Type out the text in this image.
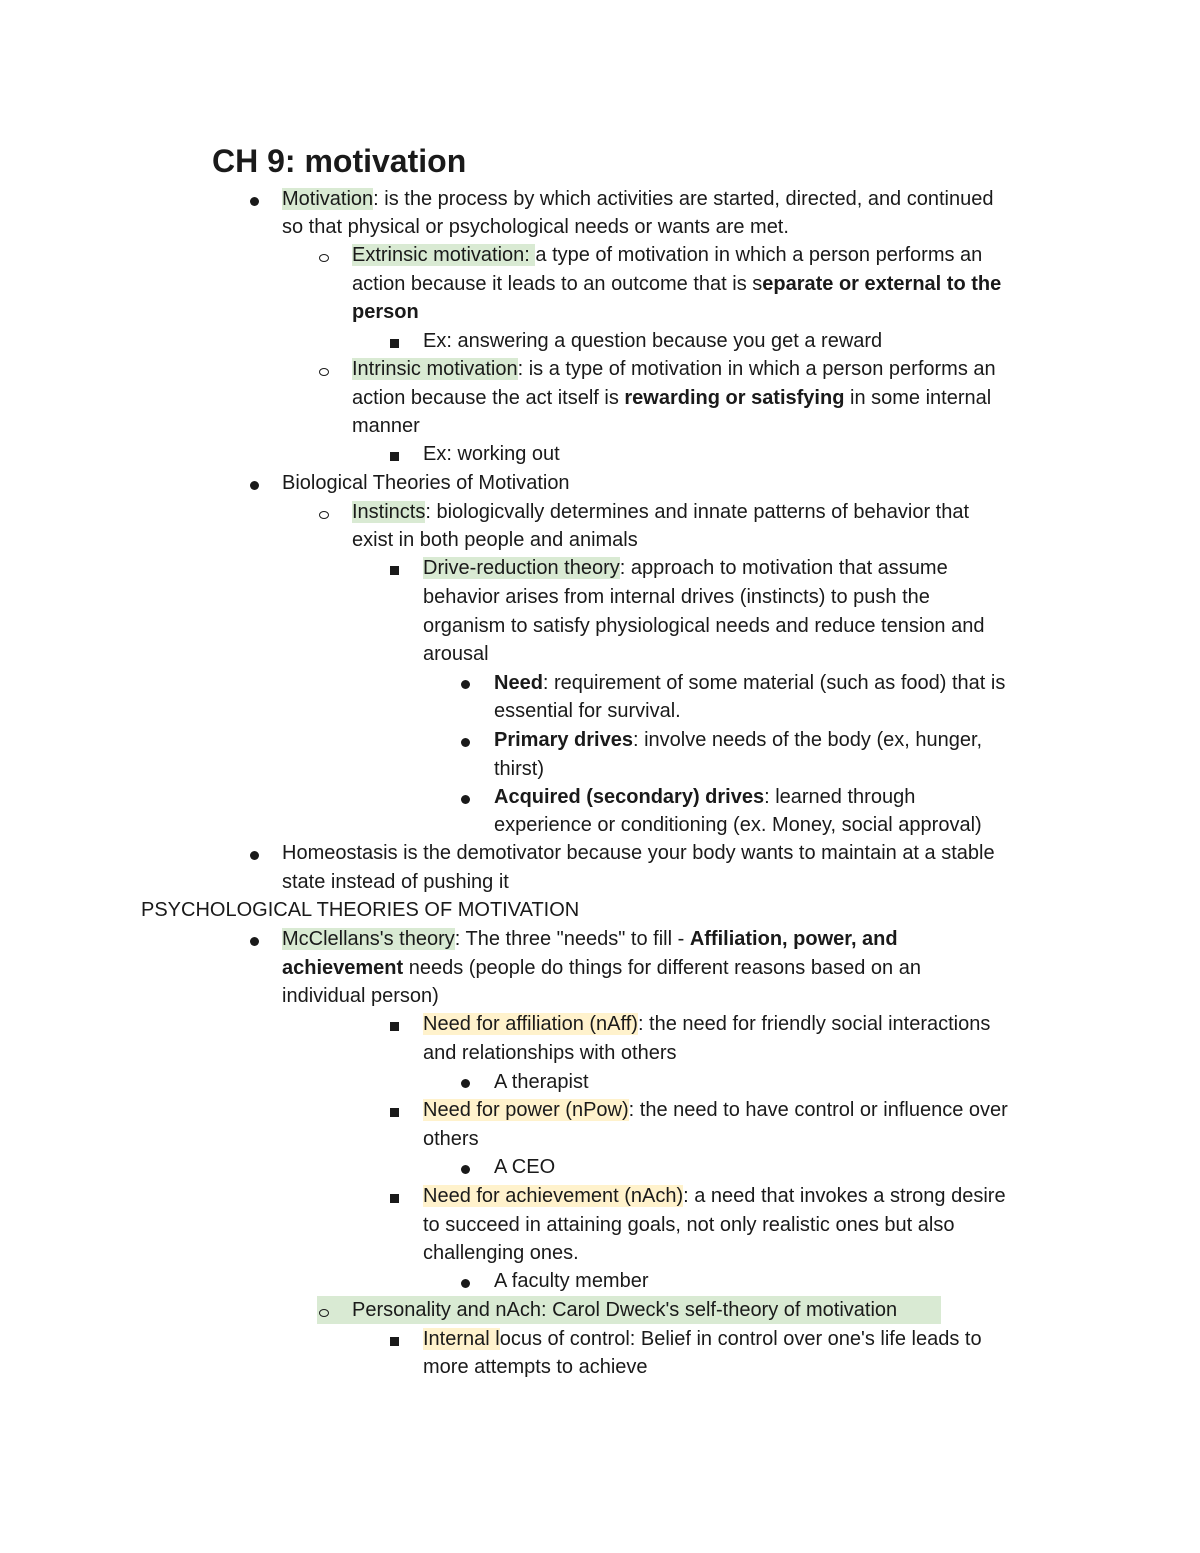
CH 9: motivation
Motivation: is the process by which activities are started, directed, and continued
so that physical or psychological needs or wants are met.
Extrinsic motivation: a type of motivation in which a person performs an
action because it leads to an outcome that is separate or external to the
person
Ex: answering a question because you get a reward
Intrinsic motivation: is a type of motivation in which a person performs an
action because the act itself is rewarding or satisfying in some internal
manner
Ex: working out
Biological Theories of Motivation
Instincts: biologicvally determines and innate patterns of behavior that
exist in both people and animals
Drive-reduction theory: approach to motivation that assume
behavior arises from internal drives (instincts) to push the
organism to satisfy physiological needs and reduce tension and
arousal
Need: requirement of some material (such as food) that is
essential for survival.
Primary drives: involve needs of the body (ex, hunger,
thirst)
Acquired (secondary) drives: learned through
experience or conditioning (ex. Money, social approval)
Homeostasis is the demotivator because your body wants to maintain at a stable
state instead of pushing it
PSYCHOLOGICAL THEORIES OF MOTIVATION
McClellans's theory: The three "needs" to fill - Affiliation, power, and
achievement needs (people do things for different reasons based on an
individual person)
Need for affiliation (nAff): the need for friendly social interactions
and relationships with others
A therapist
Need for power (nPow): the need to have control or influence over
others
A CEO
Need for achievement (nAch): a need that invokes a strong desire
to succeed in attaining goals, not only realistic ones but also
challenging ones.
A faculty member
Personality and nAch: Carol Dweck's self-theory of motivation
Internal locus of control: Belief in control over one's life leads to
more attempts to achieve
